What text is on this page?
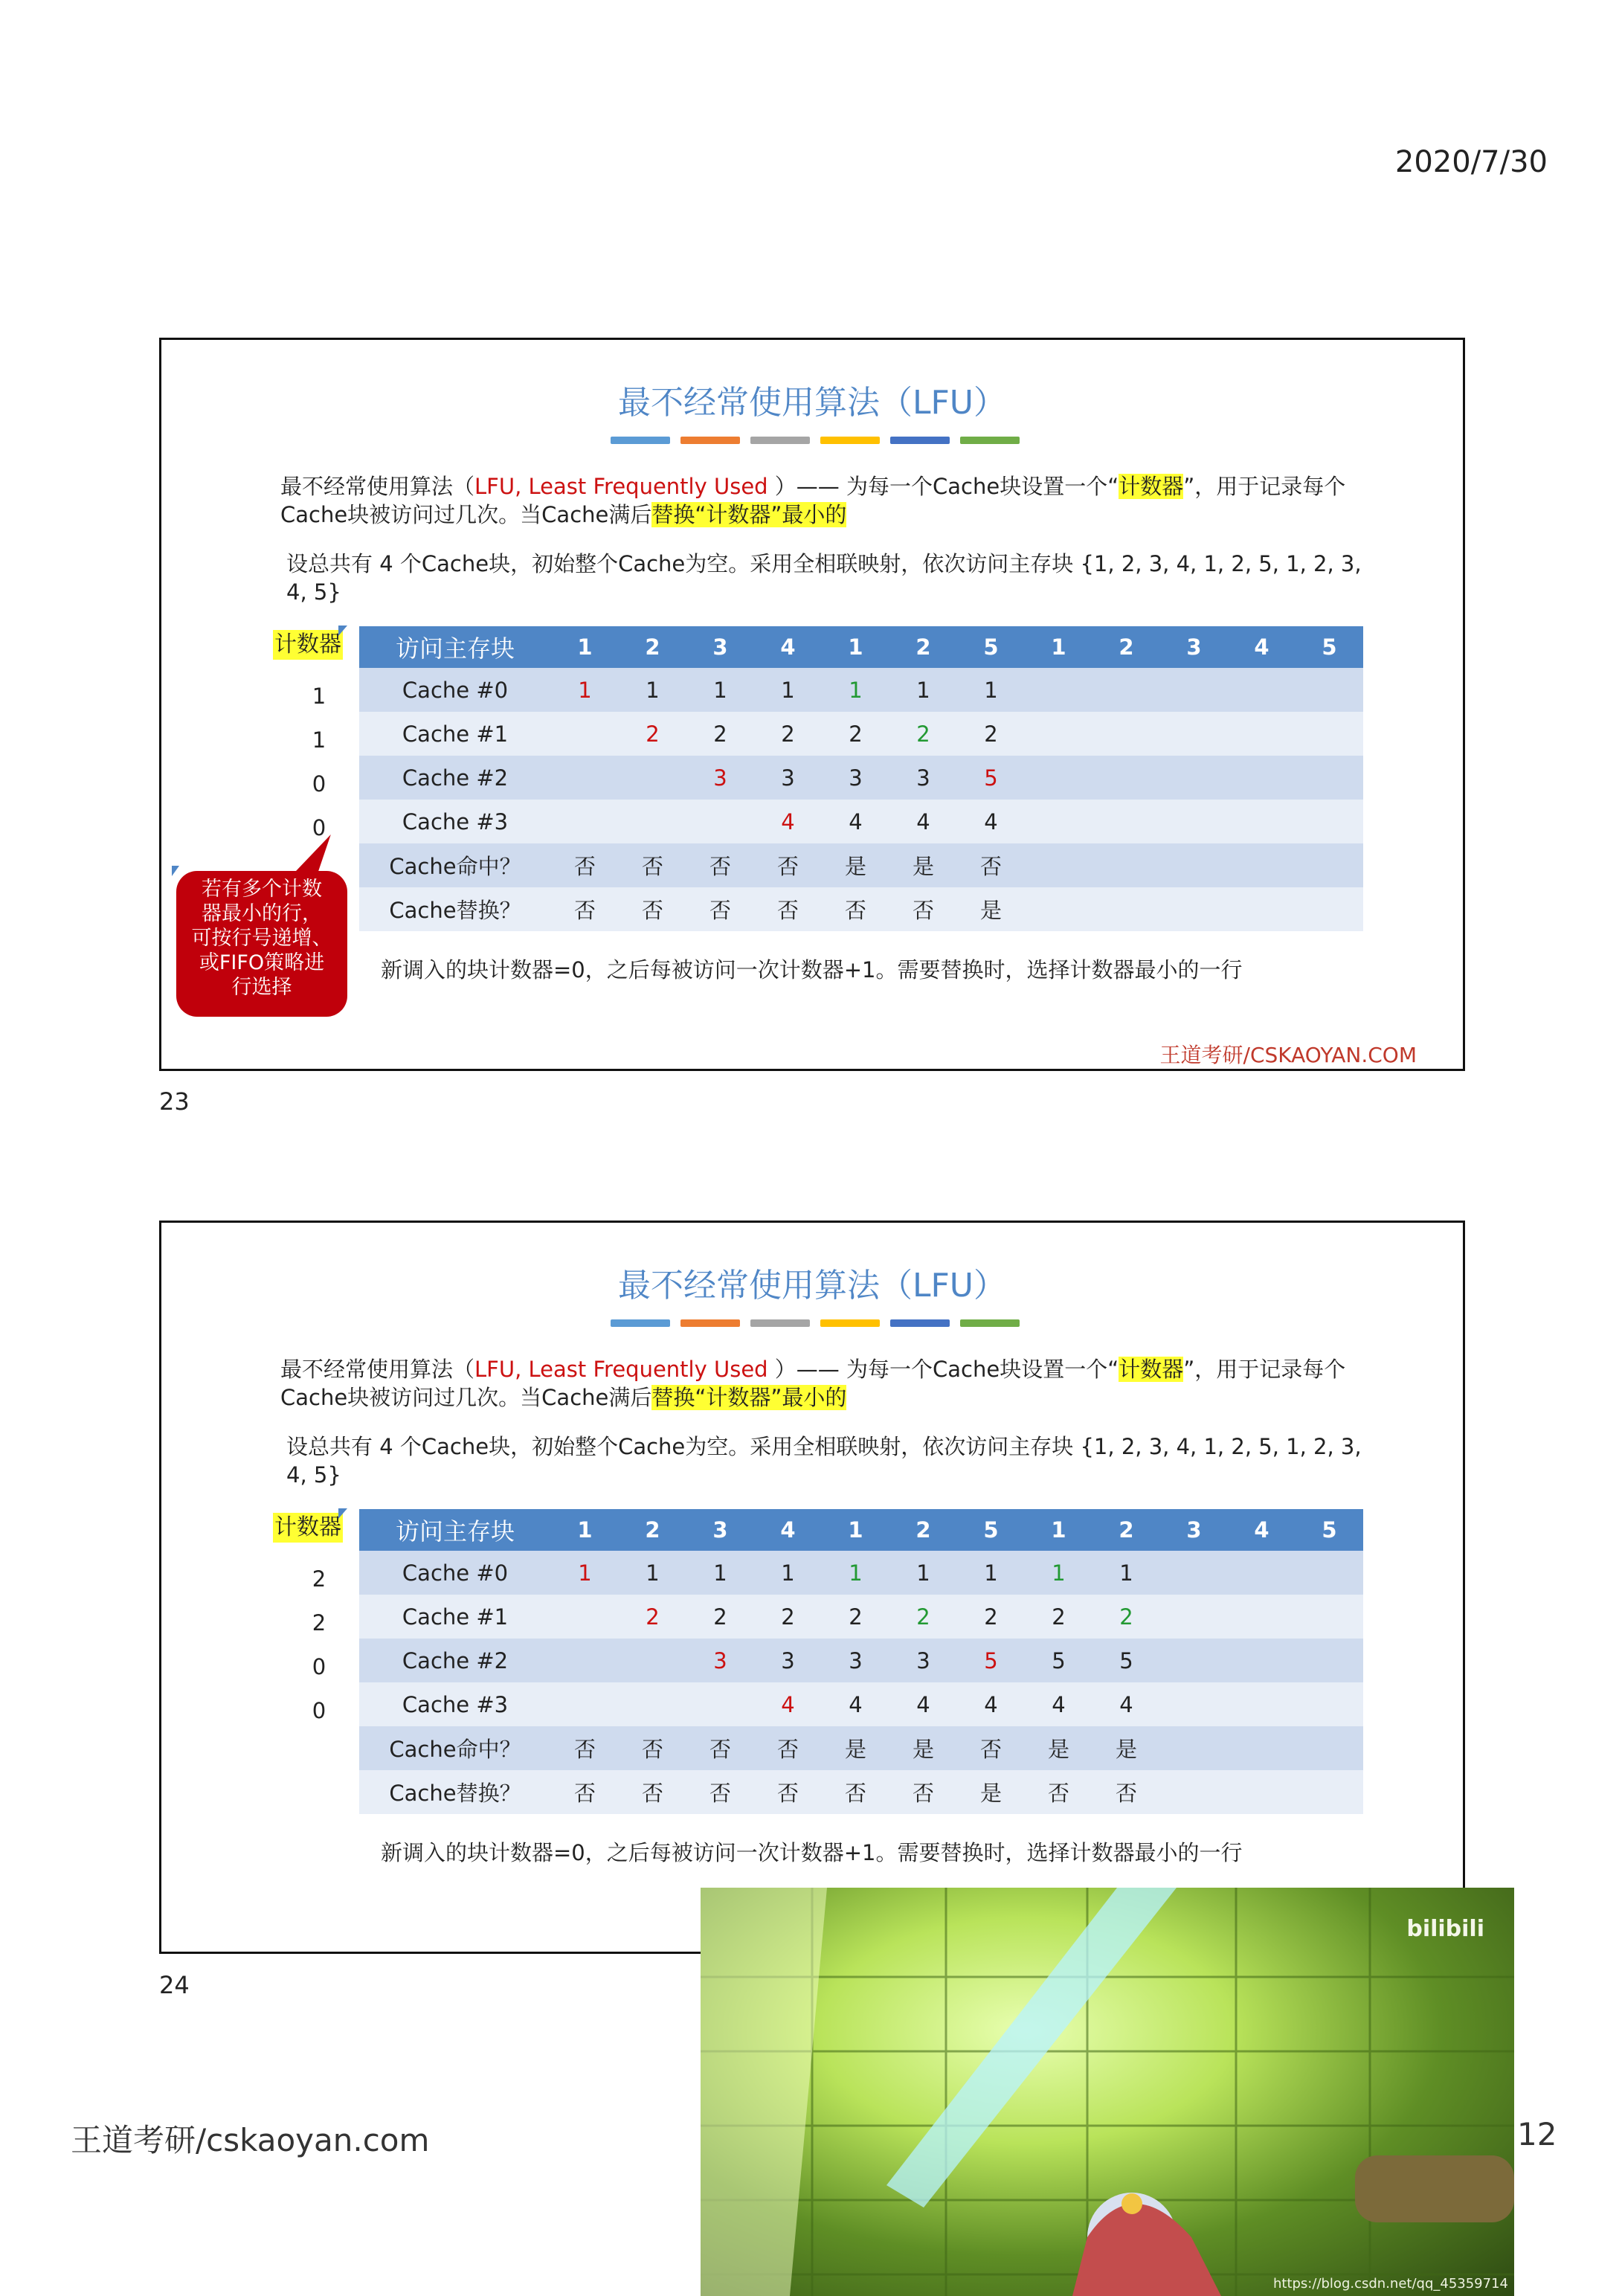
2020/7/30
最不经常使用算法（LFU）
最不经常使用算法（LFU, Least Frequently Used ）—— 为每一个Cache块设置一个“计数器”，用于记录每个Cache块被访问过几次。当Cache满后替换“计数器”最小的
设总共有 4 个Cache块，初始整个Cache为空。采用全相联映射，依次访问主存块 {1, 2, 3, 4, 1, 2, 5, 1, 2, 3, 4, 5}
计数器
1
1
0
0
访问主存块	1	2	3	4	1	2	5	1	2	3	4	5
Cache #0	1	1	1	1	1	1	1					
Cache #1		2	2	2	2	2	2					
Cache #2			3	3	3	3	5					
Cache #3				4	4	4	4					
Cache命中？	否	否	否	否	是	是	否					
Cache替换？	否	否	否	否	否	否	是					
新调入的块计数器=0，之后每被访问一次计数器+1。需要替换时，选择计数器最小的一行
若有多个计数
器最小的行，
可按行号递增、
或FIFO策略进
行选择
王道考研/CSKAOYAN.COM
23
最不经常使用算法（LFU）
最不经常使用算法（LFU, Least Frequently Used ）—— 为每一个Cache块设置一个“计数器”，用于记录每个Cache块被访问过几次。当Cache满后替换“计数器”最小的
设总共有 4 个Cache块，初始整个Cache为空。采用全相联映射，依次访问主存块 {1, 2, 3, 4, 1, 2, 5, 1, 2, 3, 4, 5}
计数器
2
2
0
0
访问主存块	1	2	3	4	1	2	5	1	2	3	4	5
Cache #0	1	1	1	1	1	1	1	1	1			
Cache #1		2	2	2	2	2	2	2	2			
Cache #2			3	3	3	3	5	5	5			
Cache #3				4	4	4	4	4	4			
Cache命中？	否	否	否	否	是	是	否	是	是			
Cache替换？	否	否	否	否	否	否	是	否	否			
新调入的块计数器=0，之后每被访问一次计数器+1。需要替换时，选择计数器最小的一行
24
王道考研/cskaoyan.com	12
bilibili
https://blog.csdn.net/qq_45359714
